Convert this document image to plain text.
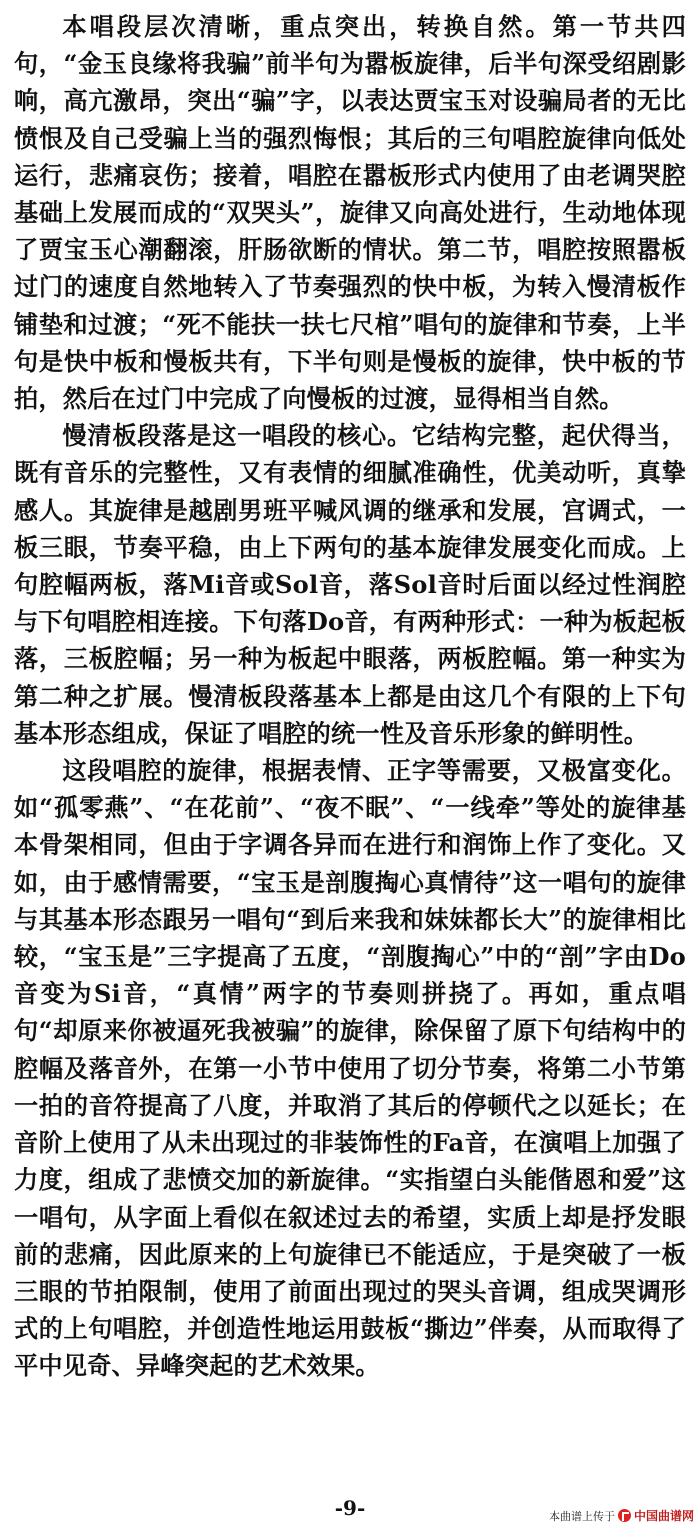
本唱段层次清晰，重点突出，转换自然。第一节共四句，“金玉良缘将我骗”前半句为嚣板旋律，后半句深受绍剧影响，高亢激昂，突出“骗”字，以表达贾宝玉对设骗局者的无比愤恨及自己受骗上当的强烈悔恨；其后的三句唱腔旋律向低处运行，悲痛哀伤；接着，唱腔在嚣板形式内使用了由老调哭腔基础上发展而成的“双哭头”，旋律又向高处进行，生动地体现了贾宝玉心潮翻滚，肝肠欲断的情状。第二节，唱腔按照嚣板过门的速度自然地转入了节奏强烈的快中板，为转入慢清板作铺垫和过渡；“死不能扶一扶七尺棺”唱句的旋律和节奏，上半句是快中板和慢板共有，下半句则是慢板的旋律，快中板的节拍，然后在过门中完成了向慢板的过渡，显得相当自然。

慢清板段落是这一唱段的核心。它结构完整，起伏得当，既有音乐的完整性，又有表情的细腻准确性，优美动听，真挚感人。其旋律是越剧男班平喊风调的继承和发展，宫调式，一板三眼，节奏平稳，由上下两句的基本旋律发展变化而成。上句腔幅两板，落Mi音或Sol音，落Sol音时后面以经过性润腔与下句唱腔相连接。下句落Do音，有两种形式：一种为板起板落，三板腔幅；另一种为板起中眼落，两板腔幅。第一种实为第二种之扩展。慢清板段落基本上都是由这几个有限的上下句基本形态组成，保证了唱腔的统一性及音乐形象的鲜明性。

这段唱腔的旋律，根据表情、正字等需要，又极富变化。如“孤零燕”、“在花前”、“夜不眠”、“一线牵”等处的旋律基本骨架相同，但由于字调各异而在进行和润饰上作了变化。又如，由于感情需要，“宝玉是剖腹掏心真情待”这一唱句的旋律与其基本形态跟另一唱句“到后来我和妹妹都长大”的旋律相比较，“宝玉是”三字提高了五度，“剖腹掏心”中的“剖”字由Do音变为Si音，“真情”两字的节奏则拼挠了。再如，重点唱句“却原来你被逼死我被骗”的旋律，除保留了原下句结构中的腔幅及落音外，在第一小节中使用了切分节奏，将第二小节第一拍的音符提高了八度，并取消了其后的停顿代之以延长；在音阶上使用了从未出现过的非装饰性的Fa音，在演唱上加强了力度，组成了悲愤交加的新旋律。“实指望白头能偕恩和爱”这一唱句，从字面上看似在叙述过去的希望，实质上却是抒发眼前的悲痛，因此原来的上句旋律已不能适应，于是突破了一板三眼的节拍限制，使用了前面出现过的哭头音调，组成哭调形式的上句唱腔，并创造性地运用鼓板“撕边”伴奏，从而取得了平中见奇、异峰突起的艺术效果。

-9-	本曲谱上传于 中国曲谱网
